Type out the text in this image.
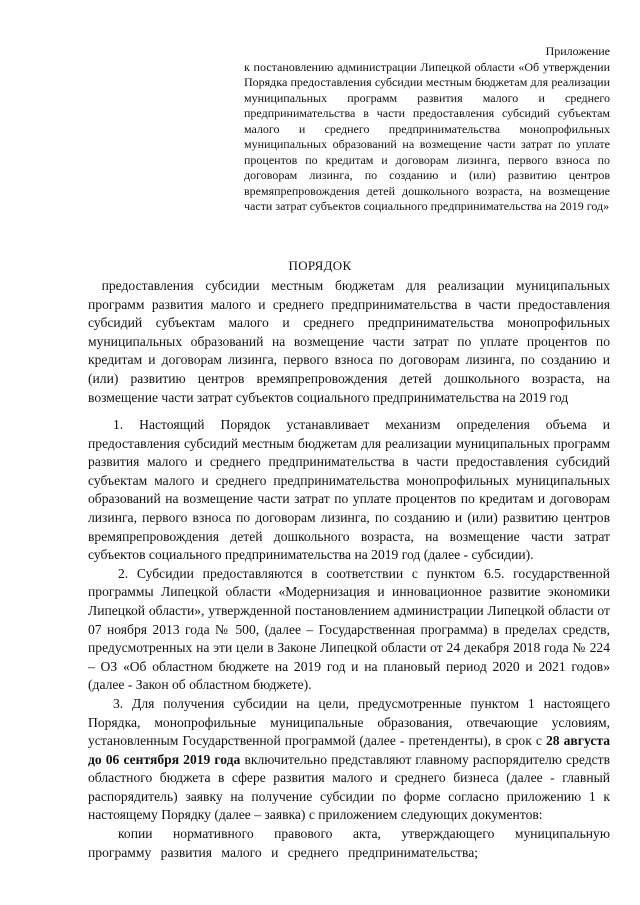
Приложение
к постановлению администрации Липецкой области «Об утверждении Порядка предоставления субсидии местным бюджетам для реализации муниципальных программ развития малого и среднего предпринимательства в части предоставления субсидий субъектам малого и среднего предпринимательства монопрофильных муниципальных образований на возмещение части затрат по уплате процентов по кредитам и договорам лизинга, первого взноса по договорам лизинга, по созданию и (или) развитию центров времяпрепровождения детей дошкольного возраста, на возмещение части затрат субъектов социального предпринимательства на 2019 год»
ПОРЯДОК
предоставления субсидии местным бюджетам для реализации муниципальных программ развития малого и среднего предпринимательства в части предоставления субсидий субъектам малого и среднего предпринимательства монопрофильных муниципальных образований на возмещение части затрат по уплате процентов по кредитам и договорам лизинга, первого взноса по договорам лизинга, по созданию и (или) развитию центров времяпрепровождения детей дошкольного возраста, на возмещение части затрат субъектов социального предпринимательства на 2019 год

1. Настоящий Порядок устанавливает механизм определения объема и предоставления субсидий местным бюджетам для реализации муниципальных программ развития малого и среднего предпринимательства в части предоставления субсидий субъектам малого и среднего предпринимательства монопрофильных муниципальных образований на возмещение части затрат по уплате процентов по кредитам и договорам лизинга, первого взноса по договорам лизинга, по созданию и (или) развитию центров времяпрепровождения детей дошкольного возраста, на возмещение части затрат субъектов социального предпринимательства на 2019 год (далее - субсидии).

2. Субсидии предоставляются в соответствии с пунктом 6.5. государственной программы Липецкой области «Модернизация и инновационное развитие экономики Липецкой области», утвержденной постановлением администрации Липецкой области от 07 ноября 2013 года № 500, (далее – Государственная программа) в пределах средств, предусмотренных на эти цели в Законе Липецкой области от 24 декабря 2018 года № 224 – ОЗ «Об областном бюджете на 2019 год и на плановый период 2020 и 2021 годов» (далее - Закон об областном бюджете).

3. Для получения субсидии на цели, предусмотренные пунктом 1 настоящего Порядка, монопрофильные муниципальные образования, отвечающие условиям, установленным Государственной программой (далее - претенденты), в срок с 28 августа до 06 сентября 2019 года включительно представляют главному распорядителю средств областного бюджета в сфере развития малого и среднего бизнеса (далее - главный распорядитель) заявку на получение субсидии по форме согласно приложению 1 к настоящему Порядку (далее – заявка) с приложением следующих документов:

копии нормативного правового акта, утверждающего муниципальную программу развития малого и среднего предпринимательства;
